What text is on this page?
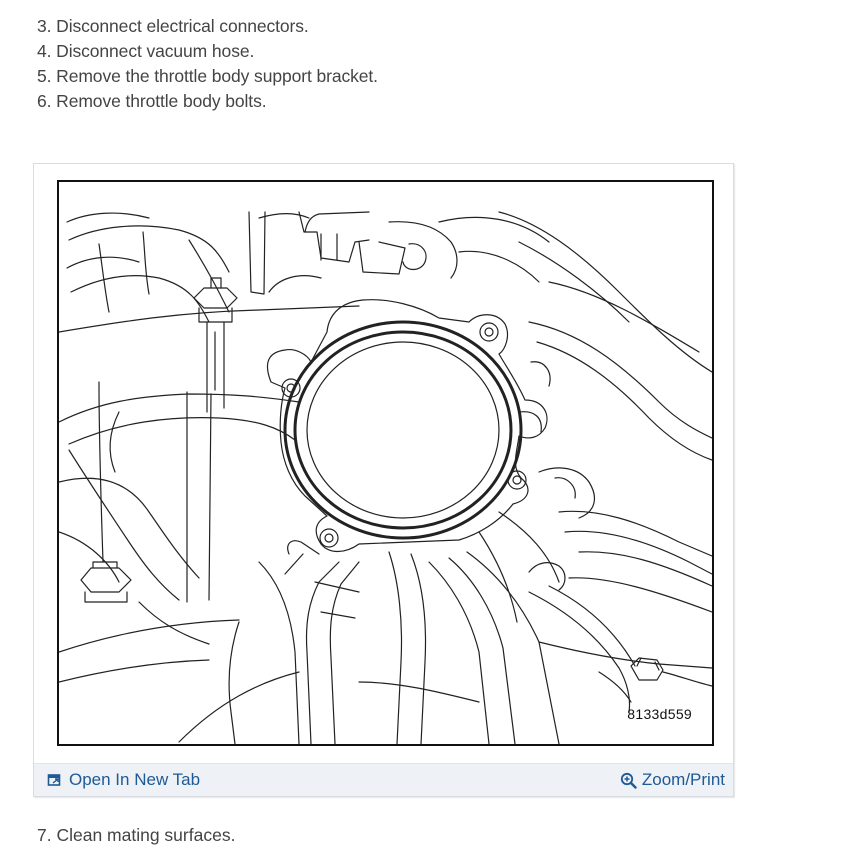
3. Disconnect electrical connectors.
4. Disconnect vacuum hose.
5. Remove the throttle body support bracket.
6. Remove throttle body bolts.
8133d559
Open In New Tab	Zoom/Print
7. Clean mating surfaces.
